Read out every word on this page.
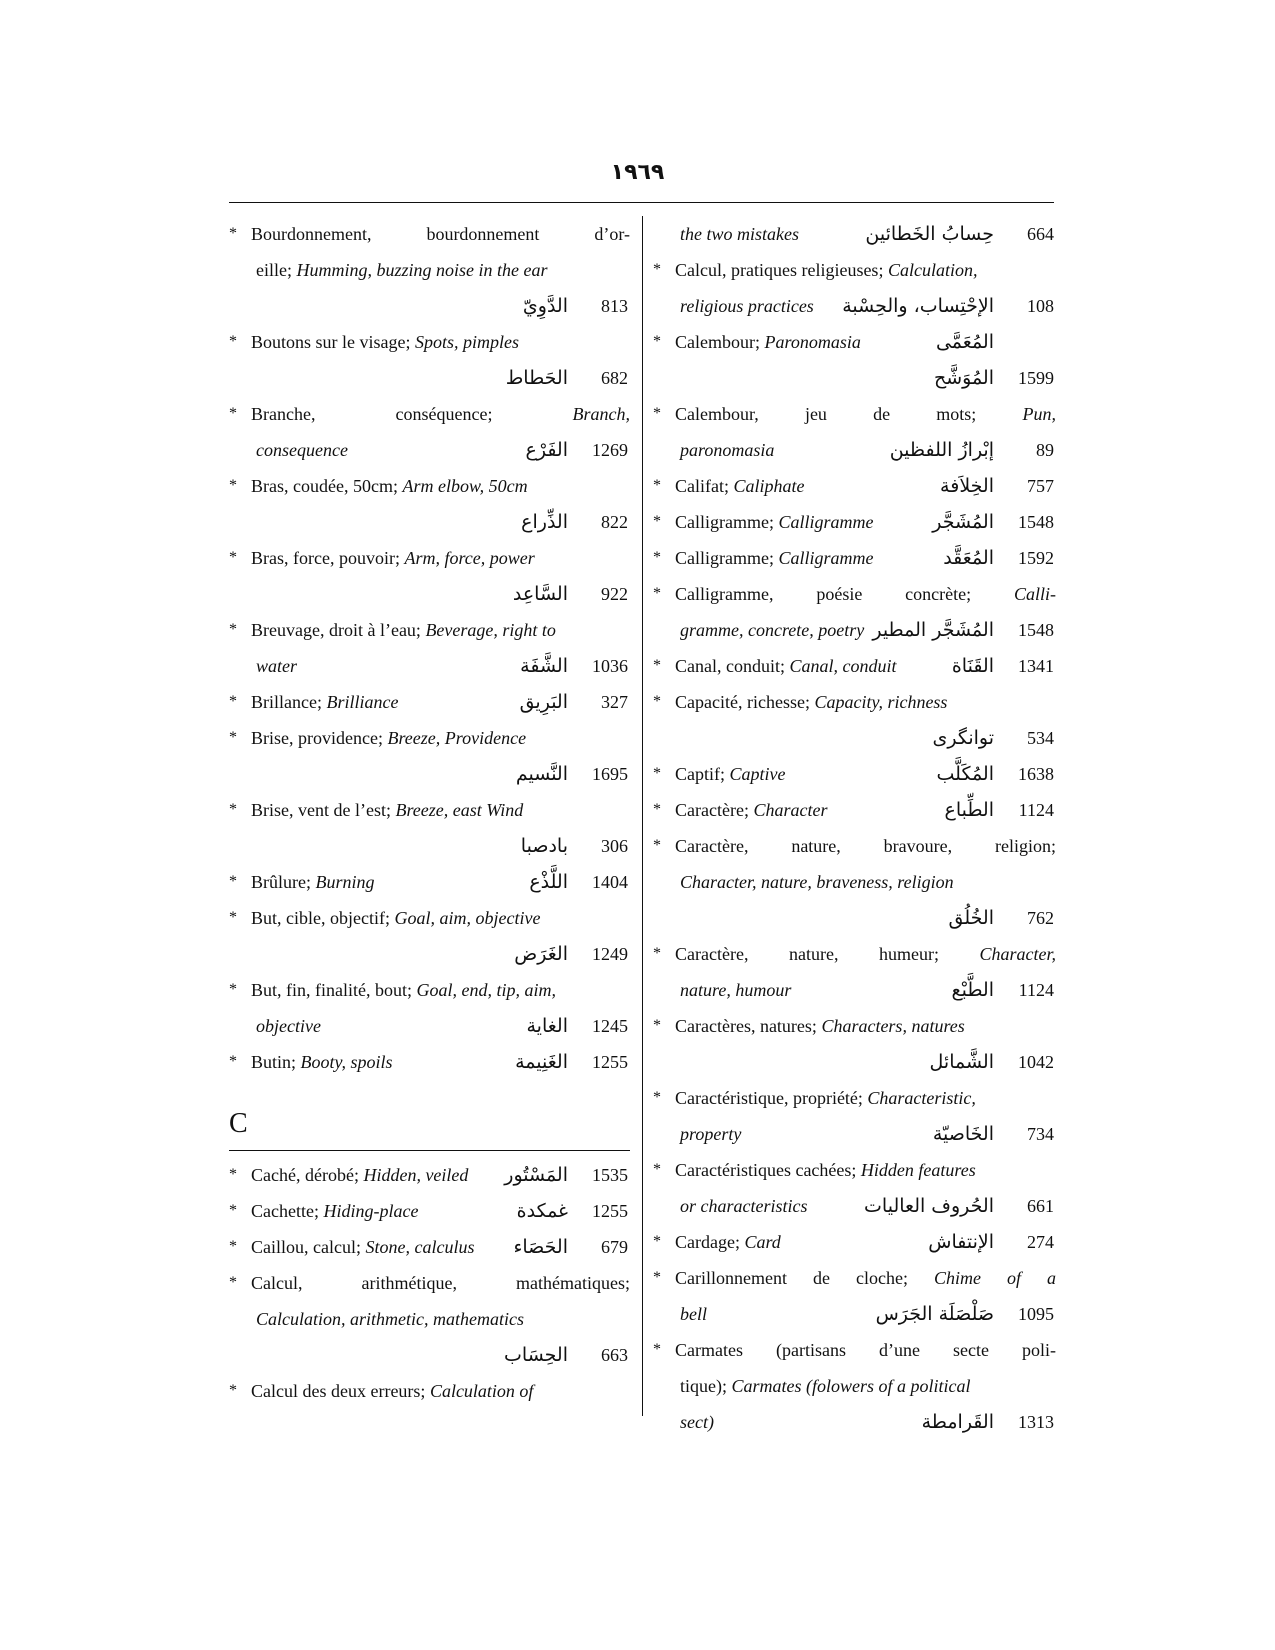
١٩٦٩
* Bourdonnement,	bourdonnement	d’or-
eille; Humming, buzzing noise in the ear
الدَّوِيّ 813
* Boutons sur le visage; Spots, pimples
الحَطاط 682
* Branche,	conséquence;	Branch,
consequence	الفَرْع 1269
* Bras, coudée, 50cm; Arm elbow, 50cm
الذِّراع 822
* Bras, force, pouvoir; Arm, force, power
السَّاعِد 922
* Breuvage, droit à l’eau; Beverage, right to
water	الشَّفَة 1036
* Brillance; Brilliance	البَرِيق 327
* Brise, providence; Breeze, Providence
النَّسيم 1695
* Brise, vent de l’est; Breeze, east Wind
بادصبا 306
* Brûlure; Burning	اللَّذْع 1404
* But, cible, objectif; Goal, aim, objective
الغَرَض 1249
* But, fin, finalité, bout; Goal, end, tip, aim,
objective	الغاية 1245
* Butin; Booty, spoils	الغَنِيمة 1255
C
* Caché, dérobé; Hidden, veiled المَسْتُور 1535
* Cachette; Hiding-place	غمكدة 1255
* Caillou, calcul; Stone, calculus الحَصَاء 679
* Calcul,	arithmétique,	mathématiques;
Calculation, arithmetic, mathematics
الحِسَاب 663
* Calcul des deux erreurs; Calculation of
the two mistakes	حِسابُ الخَطائين 664
* Calcul, pratiques religieuses; Calculation,
religious practices الإحْتِساب، والحِسْبة 108
* Calembour; Paronomasia	المُعَمَّى
المُوَشَّح 1599
* Calembour,	jeu	de	mots;	Pun,
paronomasia	إبْرازُ اللفظين 89
* Califat; Caliphate	الخِلاَفة 757
* Calligramme; Calligramme	المُشَجَّر 1548
* Calligramme; Calligramme	المُعَقَّد 1592
* Calligramme, poésie concrète; Calli-
gramme, concrete, poetry المُشَجَّر المطير 1548
* Canal, conduit; Canal, conduit	القَنَاة 1341
* Capacité, richesse; Capacity, richness
توانگرى 534
* Captif; Captive	المُكَلَّب 1638
* Caractère; Character	الطِّباع 1124
* Caractère, nature, bravoure, religion;
Character, nature, braveness, religion
الخُلُق 762
* Caractère, nature, humeur; Character,
nature, humour	الطَّبْع 1124
* Caractères, natures; Characters, natures
الشَّمائل 1042
* Caractéristique, propriété; Characteristic,
property	الخَاصيّة 734
* Caractéristiques cachées; Hidden features
or characteristics	الحُروف العاليات 661
* Cardage; Card	الإنتفاش 274
* Carillonnement de cloche; Chime of a
bell	صَلْصَلَة الجَرَس 1095
* Carmates (partisans d’une secte poli-
tique); Carmates (folowers of a political
sect)	القَرامطة 1313
